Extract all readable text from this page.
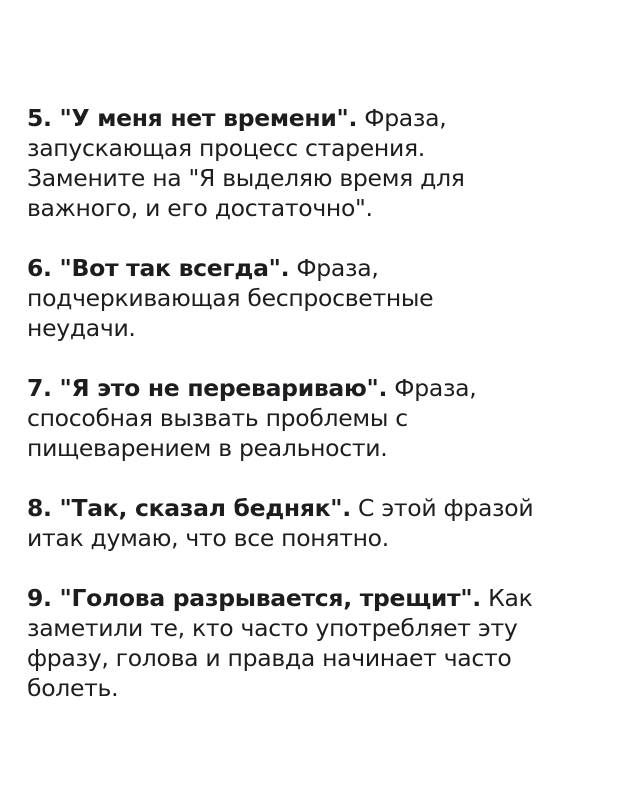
5. "У меня нет времени". Фраза,
запускающая процесс старения.
Замените на "Я выделяю время для
важного, и его достаточно".
6. "Вот так всегда". Фраза,
подчеркивающая беспросветные
неудачи.
7. "Я это не перевариваю". Фраза,
способная вызвать проблемы с
пищеварением в реальности.
8. "Так, сказал бедняк". С этой фразой
итак думаю, что все понятно.
9. "Голова разрывается, трещит". Как
заметили те, кто часто употребляет эту
фразу, голова и правда начинает часто
болеть.
